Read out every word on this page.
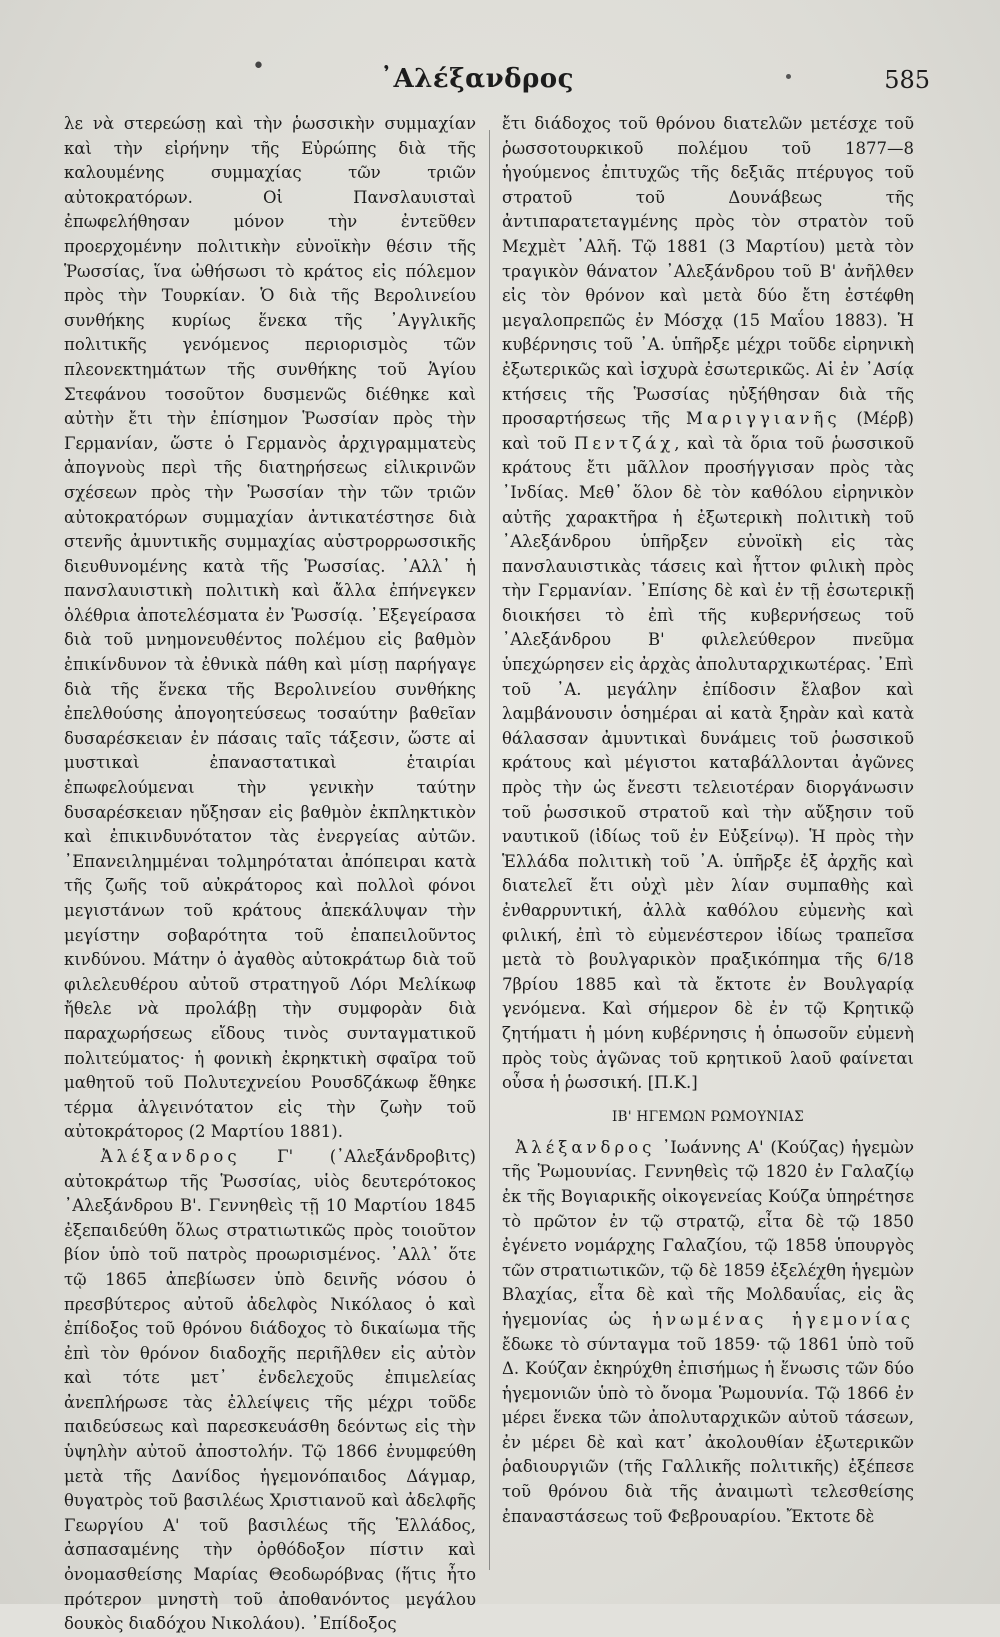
•	᾿Αλέξανδρος	585

λε νὰ στερεώσῃ καὶ τὴν ῥωσσικὴν συμμαχίαν καὶ τὴν εἰρήνην τῆς Εὐρώπης διὰ τῆς καλουμένης συμμαχίας τῶν τριῶν αὐτοκρατόρων. Οἱ Πανσλαυισταὶ ἐπωφελήθησαν μόνον τὴν ἐντεῦθεν προερχομένην πολιτικὴν εὐνοϊκὴν θέσιν τῆς Ῥωσσίας, ἵνα ὠθήσωσι τὸ κράτος εἰς πόλεμον πρὸς τὴν Τουρκίαν. Ὁ διὰ τῆς Βερολινείου συνθήκης κυρίως ἕνεκα τῆς ᾿Αγγλικῆς πολιτικῆς γενόμενος περιορισμὸς τῶν πλεονεκτημάτων τῆς συνθήκης τοῦ Ἁγίου Στεφάνου τοσοῦτον δυσμενῶς διέθηκε καὶ αὐτὴν ἔτι τὴν ἐπίσημον Ῥωσσίαν πρὸς τὴν Γερμανίαν, ὥστε ὁ Γερμανὸς ἀρχιγραμματεὺς ἀπογνοὺς περὶ τῆς διατηρήσεως εἰλικρινῶν σχέσεων πρὸς τὴν Ῥωσσίαν τὴν τῶν τριῶν αὐτοκρατόρων συμμαχίαν ἀντικατέστησε διὰ στενῆς ἀμυντικῆς συμμαχίας αὐστρορρωσσικῆς διευθυνομένης κατὰ τῆς Ῥωσσίας. ᾿Αλλ᾿ ἡ πανσλαυιστικὴ πολιτικὴ καὶ ἄλλα ἐπήνεγκεν ὀλέθρια ἀποτελέσματα ἐν Ῥωσσίᾳ. ᾿Εξεγείρασα διὰ τοῦ μνημονευθέντος πολέμου εἰς βαθμὸν ἐπικίνδυνον τὰ ἐθνικὰ πάθη καὶ μίσῃ παρήγαγε διὰ τῆς ἕνεκα τῆς Βερολινείου συνθήκης ἐπελθούσης ἀπογοητεύσεως τοσαύτην βαθεῖαν δυσαρέσκειαν ἐν πάσαις ταῖς τάξεσιν, ὥστε αἱ μυστικαὶ ἐπαναστατικαὶ ἑταιρίαι ἐπωφελούμεναι τὴν γενικὴν ταύτην δυσαρέσκειαν ηὔξησαν εἰς βαθμὸν ἐκπληκτικὸν καὶ ἐπικινδυνότατον τὰς ἐνεργείας αὐτῶν. ᾿Επανειλημμέναι τολμηρόταται ἀπόπειραι κατὰ τῆς ζωῆς τοῦ αὐκράτορος καὶ πολλοὶ φόνοι μεγιστάνων τοῦ κράτους ἀπεκάλυψαν τὴν μεγίστην σοβαρότητα τοῦ ἐπαπειλοῦντος κινδύνου. Μάτην ὁ ἀγαθὸς αὐτοκράτωρ διὰ τοῦ φιλελευθέρου αὐτοῦ στρατηγοῦ Λόρι Μελίκωφ ἤθελε νὰ προλάβῃ τὴν συμφορὰν διὰ παραχωρήσεως εἴδους τινὸς συνταγματικοῦ πολιτεύματος· ἡ φονικὴ ἐκρηκτικὴ σφαῖρα τοῦ μαθητοῦ τοῦ Πολυτεχνείου Ρουσδζάκωφ ἔθηκε τέρμα ἀλγεινότατον εἰς τὴν ζωὴν τοῦ αὐτοκράτορος (2 Μαρτίου 1881).

Ἀλέξανδρος Γ' (᾿Αλεξάνδροβιτς) αὐτοκράτωρ τῆς Ῥωσσίας, υἱὸς δευτερότοκος ᾿Αλεξάνδρου Β'. Γεννηθεὶς τῇ 10 Μαρτίου 1845 ἐξεπαιδεύθη ὅλως στρατιωτικῶς πρὸς τοιοῦτον βίον ὑπὸ τοῦ πατρὸς προωρισμένος. ᾿Αλλ᾿ ὅτε τῷ 1865 ἀπεβίωσεν ὑπὸ δεινῆς νόσου ὁ πρεσβύτερος αὐτοῦ ἀδελφὸς Νικόλαος ὁ καὶ ἐπίδοξος τοῦ θρόνου διάδοχος τὸ δικαίωμα τῆς ἐπὶ τὸν θρόνον διαδοχῆς περιῆλθεν εἰς αὐτὸν καὶ τότε μετ᾿ ἐνδελεχοῦς ἐπιμελείας ἀνεπλήρωσε τὰς ἐλλείψεις τῆς μέχρι τοῦδε παιδεύσεως καὶ παρεσκευάσθη δεόντως εἰς τὴν ὑψηλὴν αὐτοῦ ἀποστολήν. Τῷ 1866 ἐνυμφεύθη μετὰ τῆς Δανίδος ἡγεμονόπαιδος Δάγμαρ, θυγατρὸς τοῦ βασιλέως Χριστιανοῦ καὶ ἀδελφῆς Γεωργίου Α' τοῦ βασιλέως τῆς Ἑλλάδος, ἀσπασαμένης τὴν ὀρθόδοξον πίστιν καὶ ὀνομασθείσης Μαρίας Θεοδωρόβνας (ἥτις ἦτο πρότερον μνηστὴ τοῦ ἀποθανόντος μεγάλου δουκὸς διαδόχου Νικολάου). ᾿Επίδοξος

ἔτι διάδοχος τοῦ θρόνου διατελῶν μετέσχε τοῦ ῥωσσοτουρκικοῦ πολέμου τοῦ 1877—8 ἡγούμενος ἐπιτυχῶς τῆς δεξιᾶς πτέρυγος τοῦ στρατοῦ τοῦ Δουνάβεως τῆς ἀντιπαρατεταγμένης πρὸς τὸν στρατὸν τοῦ Μεχμὲτ ᾿Αλῆ. Τῷ 1881 (3 Μαρτίου) μετὰ τὸν τραγικὸν θάνατον ᾿Αλεξάνδρου τοῦ Β' ἀνῆλθεν εἰς τὸν θρόνον καὶ μετὰ δύο ἔτη ἐστέφθη μεγαλοπρεπῶς ἐν Μόσχᾳ (15 Μαΐου 1883). Ἡ κυβέρνησις τοῦ ᾿Α. ὑπῆρξε μέχρι τοῦδε εἰρηνικὴ ἐξωτερικῶς καὶ ἰσχυρὰ ἐσωτερικῶς. Αἱ ἐν ᾿Ασίᾳ κτήσεις τῆς Ῥωσσίας ηὐξήθησαν διὰ τῆς προσαρτήσεως τῆς Μαριγγιανῆς (Μέρβ) καὶ τοῦ Πεντζάχ, καὶ τὰ ὅρια τοῦ ῥωσσικοῦ κράτους ἔτι μᾶλλον προσήγγισαν πρὸς τὰς ᾿Ινδίας. Μεθ᾿ ὅλον δὲ τὸν καθόλου εἰρηνικὸν αὐτῆς χαρακτῆρα ἡ ἐξωτερικὴ πολιτικὴ τοῦ ᾿Αλεξάνδρου ὑπῆρξεν εὐνοϊκὴ εἰς τὰς πανσλαυιστικὰς τάσεις καὶ ἧττον φιλικὴ πρὸς τὴν Γερμανίαν. ᾿Επίσης δὲ καὶ ἐν τῇ ἐσωτερικῇ διοικήσει τὸ ἐπὶ τῆς κυβερνήσεως τοῦ ᾿Αλεξάνδρου Β' φιλελεύθερον πνεῦμα ὑπεχώρησεν εἰς ἀρχὰς ἀπολυταρχικωτέρας. ᾿Επὶ τοῦ ᾿Α. μεγάλην ἐπίδοσιν ἔλαβον καὶ λαμβάνουσιν ὁσημέραι αἱ κατὰ ξηρὰν καὶ κατὰ θάλασσαν ἀμυντικαὶ δυνάμεις τοῦ ῥωσσικοῦ κράτους καὶ μέγιστοι καταβάλλονται ἀγῶνες πρὸς τὴν ὡς ἔνεστι τελειοτέραν διοργάνωσιν τοῦ ῥωσσικοῦ στρατοῦ καὶ τὴν αὔξησιν τοῦ ναυτικοῦ (ἰδίως τοῦ ἐν Εὐξείνῳ). Ἡ πρὸς τὴν Ἑλλάδα πολιτικὴ τοῦ ᾿Α. ὑπῆρξε ἐξ ἀρχῆς καὶ διατελεῖ ἔτι οὐχὶ μὲν λίαν συμπαθὴς καὶ ἐνθαρρυντική, ἀλλὰ καθόλου εὐμενὴς καὶ φιλική, ἐπὶ τὸ εὐμενέστερον ἰδίως τραπεῖσα μετὰ τὸ βουλγαρικὸν πραξικόπημα τῆς 6/18 7βρίου 1885 καὶ τὰ ἔκτοτε ἐν Βουλγαρίᾳ γενόμενα. Καὶ σήμερον δὲ ἐν τῷ Κρητικῷ ζητήματι ἡ μόνη κυβέρνησις ἡ ὁπωσοῦν εὐμενὴ πρὸς τοὺς ἀγῶνας τοῦ κρητικοῦ λαοῦ φαίνεται οὖσα ἡ ῥωσσική. [Π.Κ.]

ΙΒ' ΗΓΕΜΩΝ ΡΩΜΟΥΝΙΑΣ

Ἀλέξανδρος ᾿Ιωάννης Α' (Κούζας) ἡγεμὼν τῆς Ῥωμουνίας. Γεννηθεὶς τῷ 1820 ἐν Γαλαζίῳ ἐκ τῆς Βογιαρικῆς οἰκογενείας Κούζα ὑπηρέτησε τὸ πρῶτον ἐν τῷ στρατῷ, εἶτα δὲ τῷ 1850 ἐγένετο νομάρχης Γαλαζίου, τῷ 1858 ὑπουργὸς τῶν στρατιωτικῶν, τῷ δὲ 1859 ἐξελέχθη ἡγεμὼν Βλαχίας, εἶτα δὲ καὶ τῆς Μολδαυΐας, εἰς ἃς ἡγεμονίας ὡς ἡνωμένας ἡγεμονίας ἔδωκε τὸ σύνταγμα τοῦ 1859· τῷ 1861 ὑπὸ τοῦ Δ. Κούζαν ἐκηρύχθη ἐπισήμως ἡ ἕνωσις τῶν δύο ἡγεμονιῶν ὑπὸ τὸ ὄνομα Ῥωμουνία. Τῷ 1866 ἐν μέρει ἕνεκα τῶν ἀπολυταρχικῶν αὐτοῦ τάσεων, ἐν μέρει δὲ καὶ κατ᾿ ἀκολουθίαν ἐξωτερικῶν ῥαδιουργιῶν (τῆς Γαλλικῆς πολιτικῆς) ἐξέπεσε τοῦ θρόνου διὰ τῆς ἀναιμωτὶ τελεσθείσης ἐπαναστάσεως τοῦ Φεβρουαρίου. Ἔκτοτε δὲ
